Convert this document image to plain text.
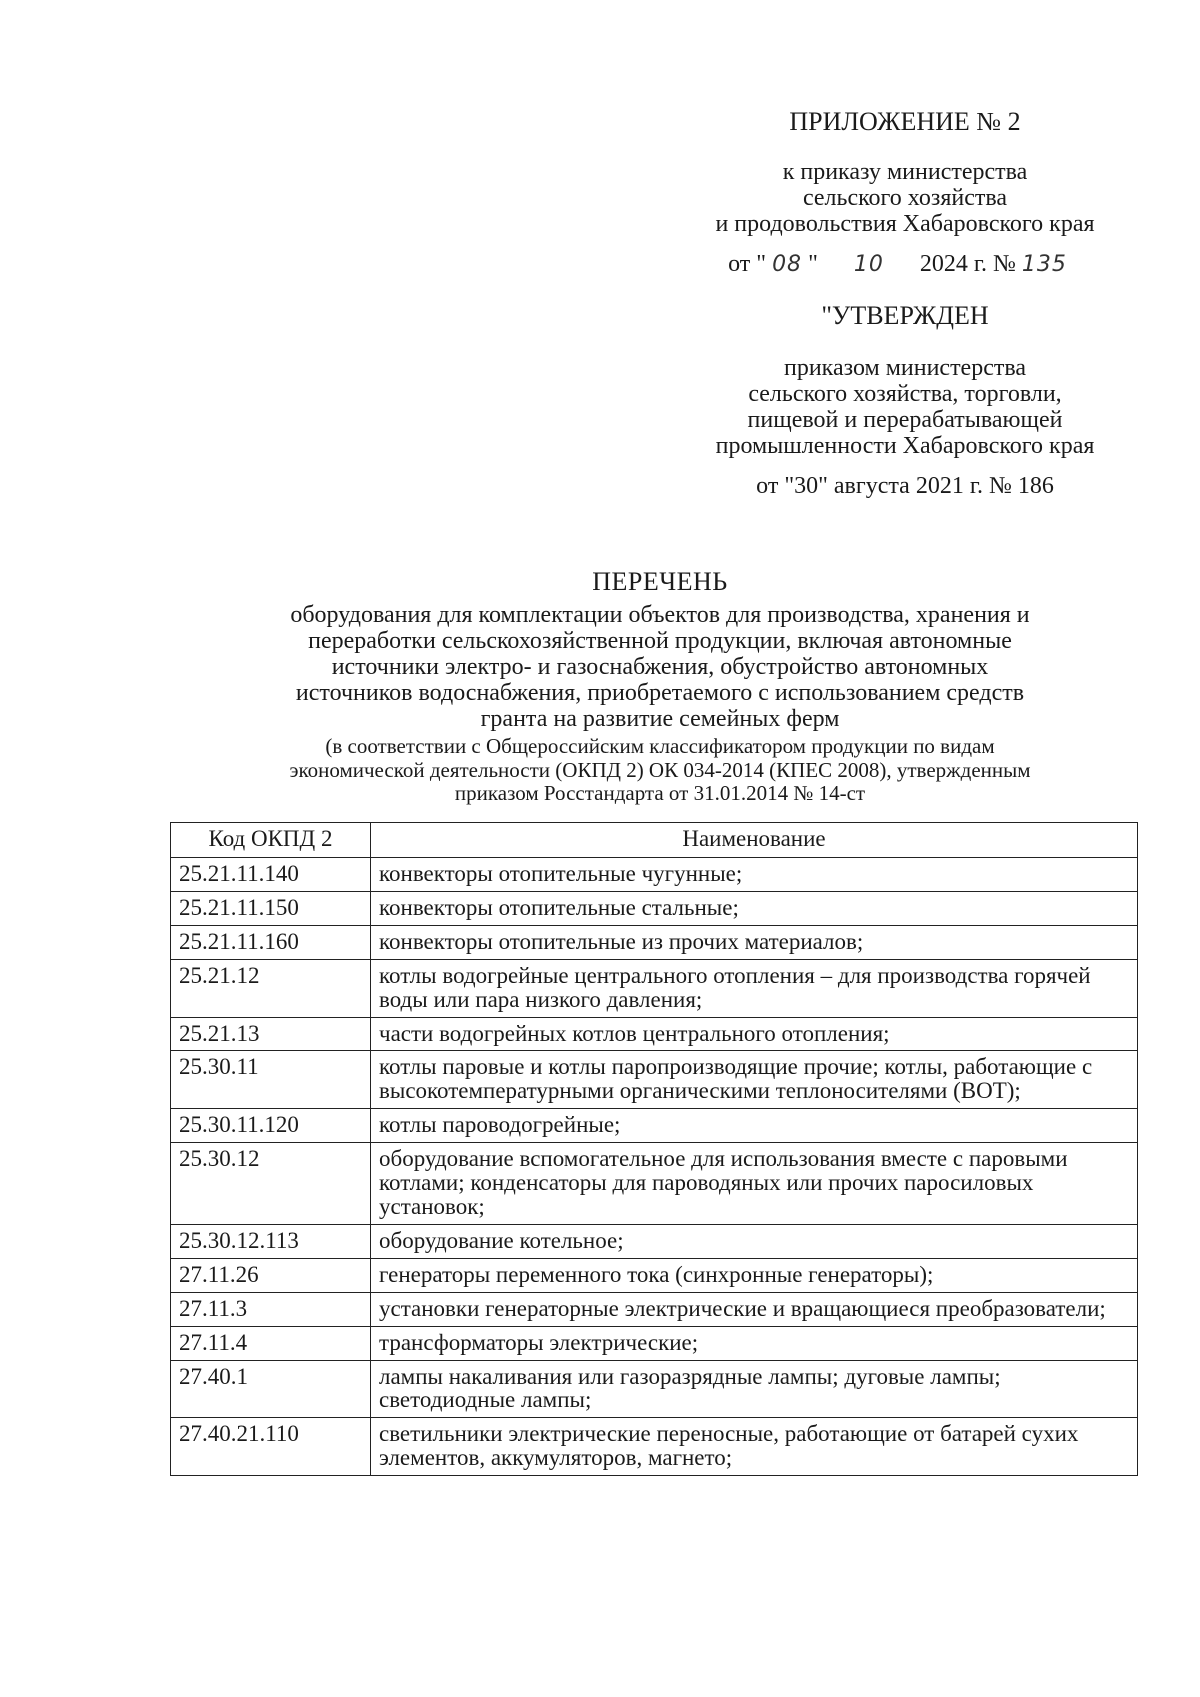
ПРИЛОЖЕНИЕ № 2
к приказу министерства
сельского хозяйства
и продовольствия Хабаровского края
от " 08 " 10 2024 г. № 135
"УТВЕРЖДЕН
приказом министерства
сельского хозяйства, торговли,
пищевой и перерабатывающей
промышленности Хабаровского края
от "30" августа 2021 г. № 186
ПЕРЕЧЕНЬ
оборудования для комплектации объектов для производства, хранения и
переработки сельскохозяйственной продукции, включая автономные
источники электро- и газоснабжения, обустройство автономных
источников водоснабжения, приобретаемого с использованием средств
гранта на развитие семейных ферм
(в соответствии с Общероссийским классификатором продукции по видам
экономической деятельности (ОКПД 2) ОК 034-2014 (КПЕС 2008), утвержденным
приказом Росстандарта от 31.01.2014 № 14-ст
Код ОКПД 2	Наименование
25.21.11.140	конвекторы отопительные чугунные;
25.21.11.150	конвекторы отопительные стальные;
25.21.11.160	конвекторы отопительные из прочих материалов;
25.21.12	котлы водогрейные центрального отопления – для производства горячей воды или пара низкого давления;
25.21.13	части водогрейных котлов центрального отопления;
25.30.11	котлы паровые и котлы паропроизводящие прочие; котлы, работающие с высокотемпературными органическими теплоносителями (ВОТ);
25.30.11.120	котлы пароводогрейные;
25.30.12	оборудование вспомогательное для использования вместе с паровыми котлами; конденсаторы для пароводяных или прочих паросиловых установок;
25.30.12.113	оборудование котельное;
27.11.26	генераторы переменного тока (синхронные генераторы);
27.11.3	установки генераторные электрические и вращающиеся преобразователи;
27.11.4	трансформаторы электрические;
27.40.1	лампы накаливания или газоразрядные лампы; дуговые лампы; светодиодные лампы;
27.40.21.110	светильники электрические переносные, работающие от батарей сухих элементов, аккумуляторов, магнето;
